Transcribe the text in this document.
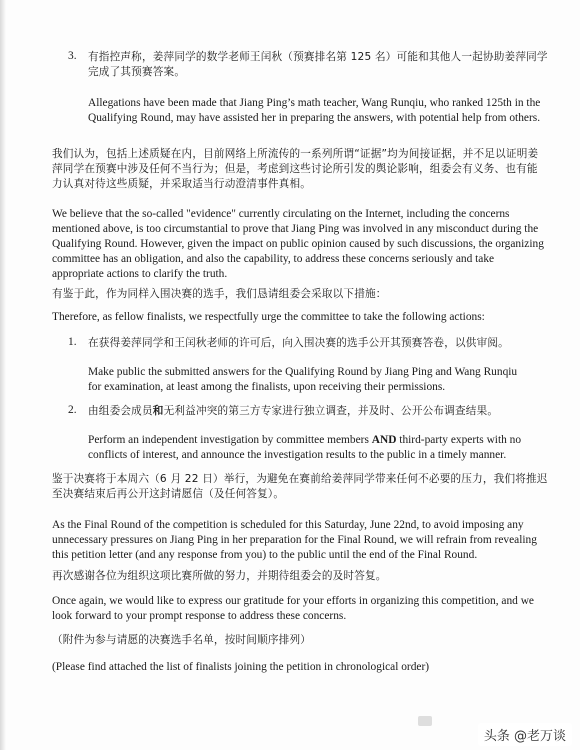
3. 有指控声称，姜萍同学的数学老师王闰秋（预赛排名第 125 名）可能和其他人一起协助姜萍同学完成了其预赛答案。
Allegations have been made that Jiang Ping’s math teacher, Wang Runqiu, who ranked 125th in the Qualifying Round, may have assisted her in preparing the answers, with potential help from others.
我们认为，包括上述质疑在内，目前网络上所流传的一系列所谓“证据”均为间接证据，并不足以证明姜萍同学在预赛中涉及任何不当行为；但是，考虑到这些讨论所引发的舆论影响，组委会有义务、也有能力认真对待这些质疑，并采取适当行动澄清事件真相。
We believe that the so-called "evidence" currently circulating on the Internet, including the concerns mentioned above, is too circumstantial to prove that Jiang Ping was involved in any misconduct during the Qualifying Round. However, given the impact on public opinion caused by such discussions, the organizing committee has an obligation, and also the capability, to address these concerns seriously and take appropriate actions to clarify the truth.
有鉴于此，作为同样入围决赛的选手，我们恳请组委会采取以下措施：
Therefore, as fellow finalists, we respectfully urge the committee to take the following actions:
1. 在获得姜萍同学和王闰秋老师的许可后，向入围决赛的选手公开其预赛答卷，以供审阅。
Make public the submitted answers for the Qualifying Round by Jiang Ping and Wang Runqiu for examination, at least among the finalists, upon receiving their permissions.
2. 由组委会成员和无利益冲突的第三方专家进行独立调查，并及时、公开公布调查结果。
Perform an independent investigation by committee members AND third-party experts with no conflicts of interest, and announce the investigation results to the public in a timely manner.
鉴于决赛将于本周六（6 月 22 日）举行，为避免在赛前给姜萍同学带来任何不必要的压力，我们将推迟至决赛结束后再公开这封请愿信（及任何答复）。
As the Final Round of the competition is scheduled for this Saturday, June 22nd, to avoid imposing any unnecessary pressures on Jiang Ping in her preparation for the Final Round, we will refrain from revealing this petition letter (and any response from you) to the public until the end of the Final Round.
再次感谢各位为组织这项比赛所做的努力，并期待组委会的及时答复。
Once again, we would like to express our gratitude for your efforts in organizing this competition, and we look forward to your prompt response to address these concerns.
（附件为参与请愿的决赛选手名单，按时间顺序排列）
(Please find attached the list of finalists joining the petition in chronological order)
头条 @老万谈
